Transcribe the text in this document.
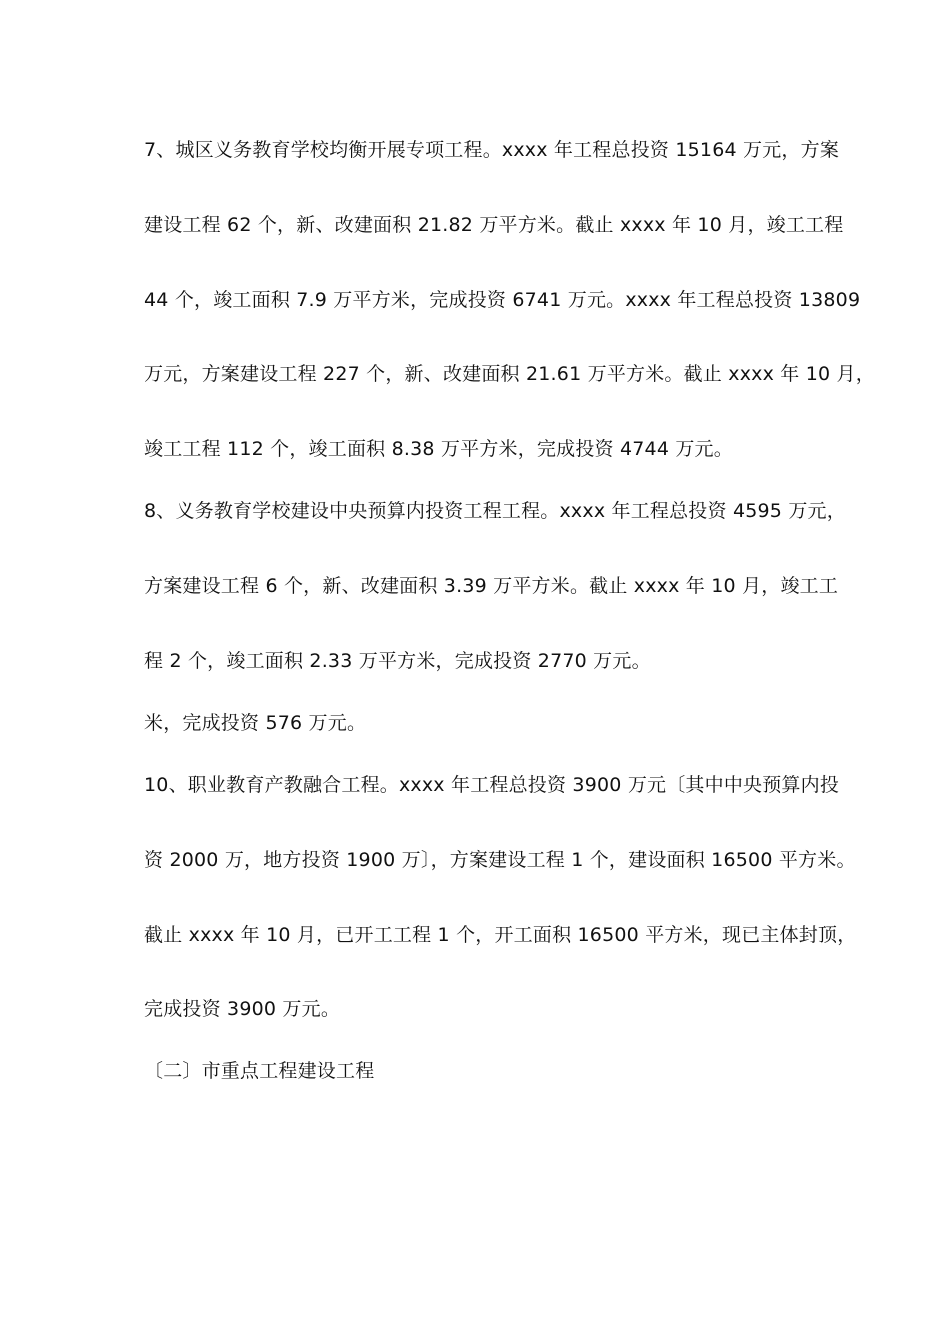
7、城区义务教育学校均衡开展专项工程。xxxx 年工程总投资 15164 万元，方案
建设工程 62 个，新、改建面积 21.82 万平方米。截止 xxxx 年 10 月，竣工工程
44 个，竣工面积 7.9 万平方米，完成投资 6741 万元。xxxx 年工程总投资 13809
万元，方案建设工程 227 个，新、改建面积 21.61 万平方米。截止 xxxx 年 10 月，
竣工工程 112 个，竣工面积 8.38 万平方米，完成投资 4744 万元。
8、义务教育学校建设中央预算内投资工程工程。xxxx 年工程总投资 4595 万元，
方案建设工程 6 个，新、改建面积 3.39 万平方米。截止 xxxx 年 10 月，竣工工
程 2 个，竣工面积 2.33 万平方米，完成投资 2770 万元。
米，完成投资 576 万元。
10、职业教育产教融合工程。xxxx 年工程总投资 3900 万元〔其中中央预算内投
资 2000 万，地方投资 1900 万〕，方案建设工程 1 个，建设面积 16500 平方米。
截止 xxxx 年 10 月，已开工工程 1 个，开工面积 16500 平方米，现已主体封顶，
完成投资 3900 万元。
〔二〕市重点工程建设工程
